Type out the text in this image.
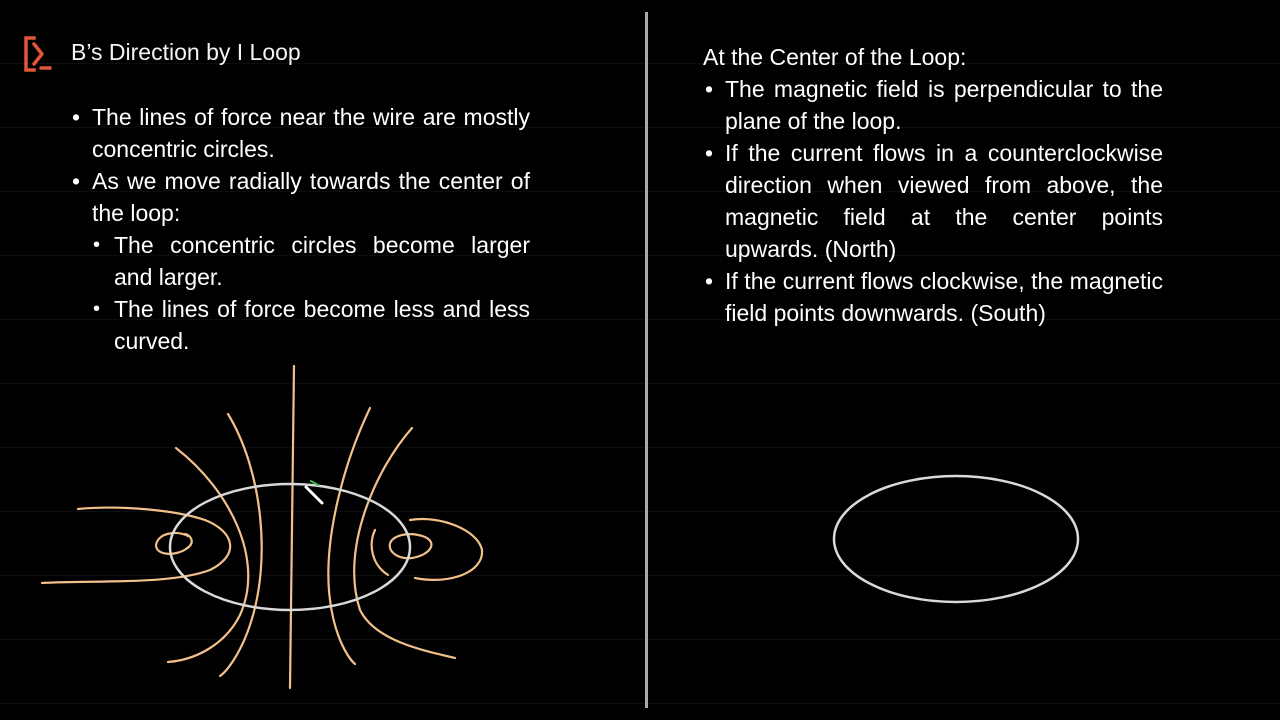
B’s Direction by I Loop
• The lines of force near the wire are mostly concentric circles.
• As we move radially towards the center of the loop:
• The concentric circles become larger and larger.
• The lines of force become less and less curved.
At the Center of the Loop:
• The magnetic field is perpendicular to the plane of the loop.
• If the current flows in a counterclockwise direction when viewed from above, the magnetic field at the center points upwards. (North)
• If the current flows clockwise, the magnetic field points downwards. (South)
